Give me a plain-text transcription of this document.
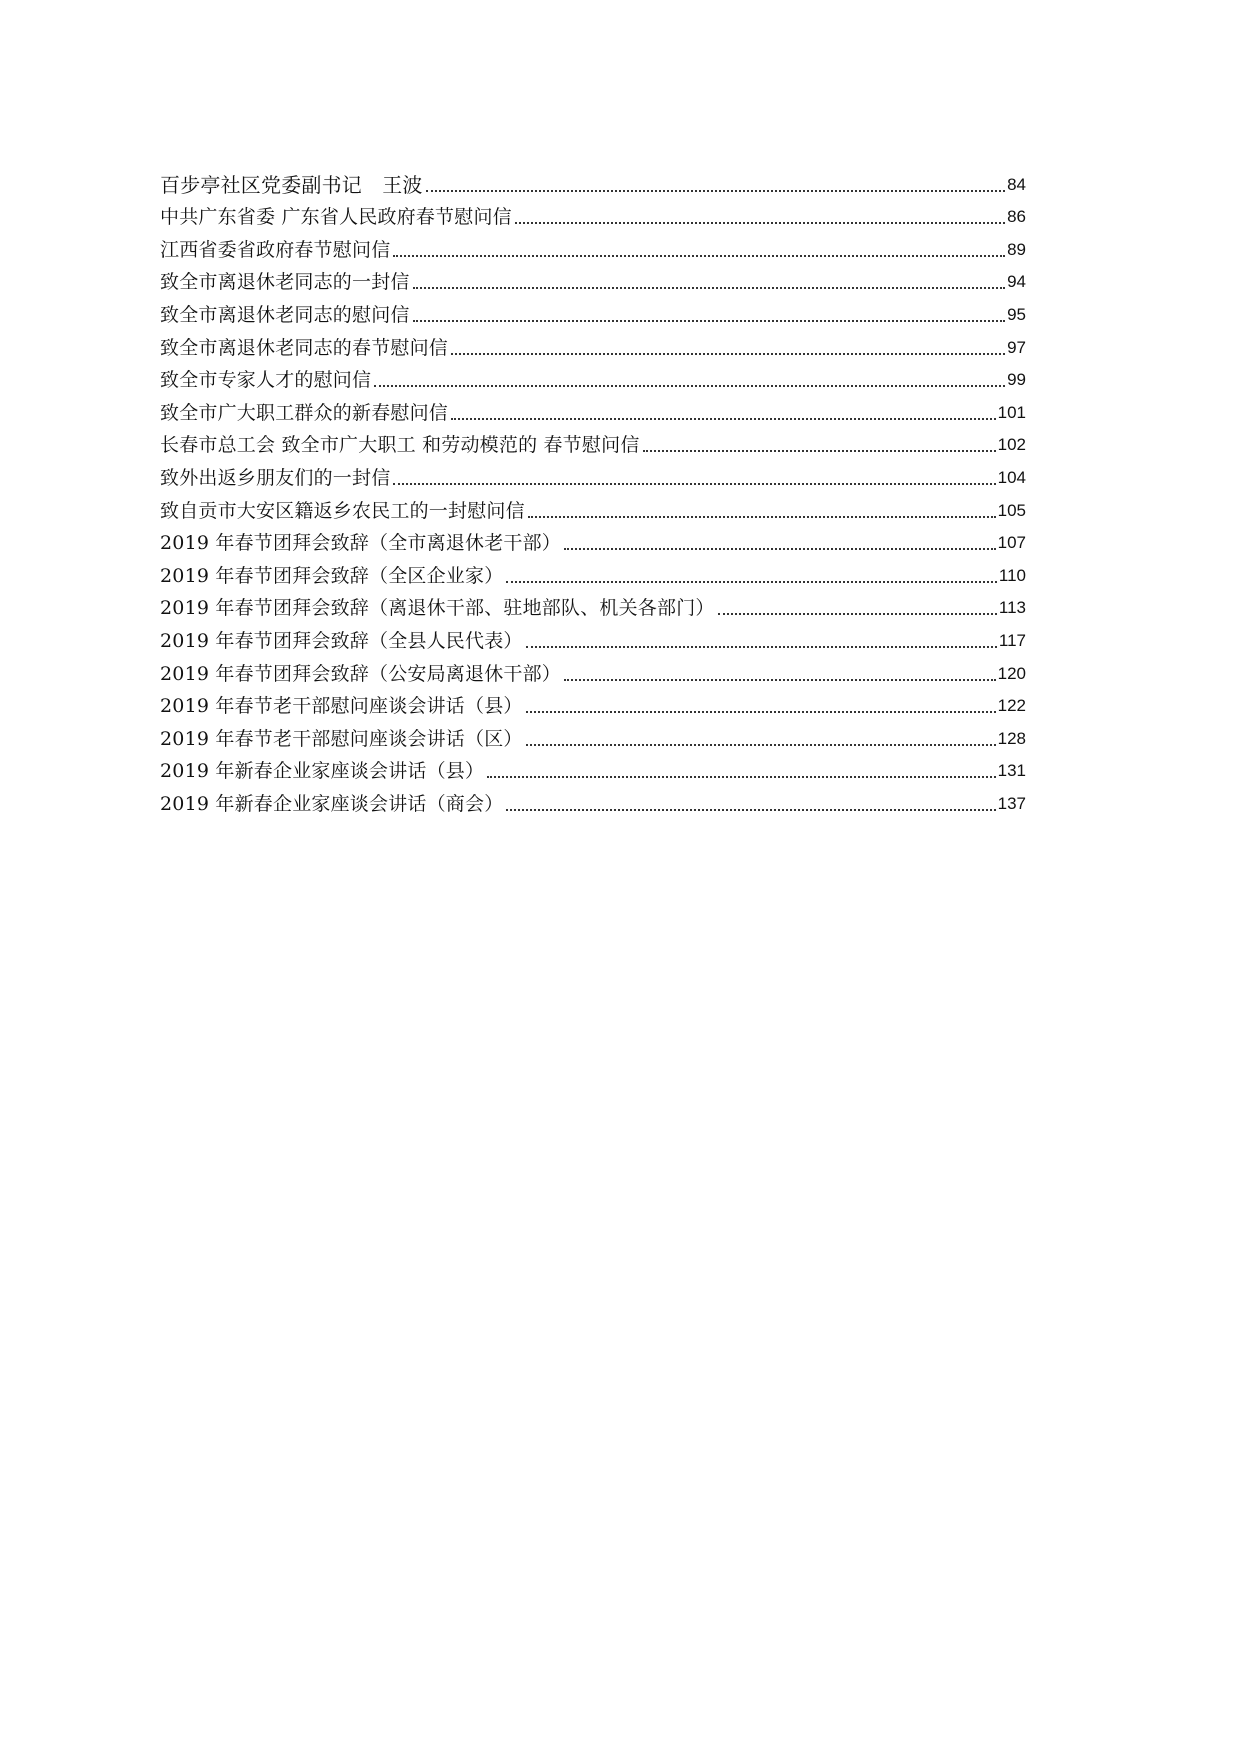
百步亭社区党委副书记　王波	84
中共广东省委 广东省人民政府春节慰问信	86
江西省委省政府春节慰问信	89
致全市离退休老同志的一封信	94
致全市离退休老同志的慰问信	95
致全市离退休老同志的春节慰问信	97
致全市专家人才的慰问信	99
致全市广大职工群众的新春慰问信	101
长春市总工会 致全市广大职工 和劳动模范的 春节慰问信	102
致外出返乡朋友们的一封信	104
致自贡市大安区籍返乡农民工的一封慰问信	105
2019 年春节团拜会致辞（全市离退休老干部）	107
2019 年春节团拜会致辞（全区企业家）	110
2019 年春节团拜会致辞（离退休干部、驻地部队、机关各部门）	113
2019 年春节团拜会致辞（全县人民代表）	117
2019 年春节团拜会致辞（公安局离退休干部）	120
2019 年春节老干部慰问座谈会讲话（县）	122
2019 年春节老干部慰问座谈会讲话（区）	128
2019 年新春企业家座谈会讲话（县）	131
2019 年新春企业家座谈会讲话（商会）	137
